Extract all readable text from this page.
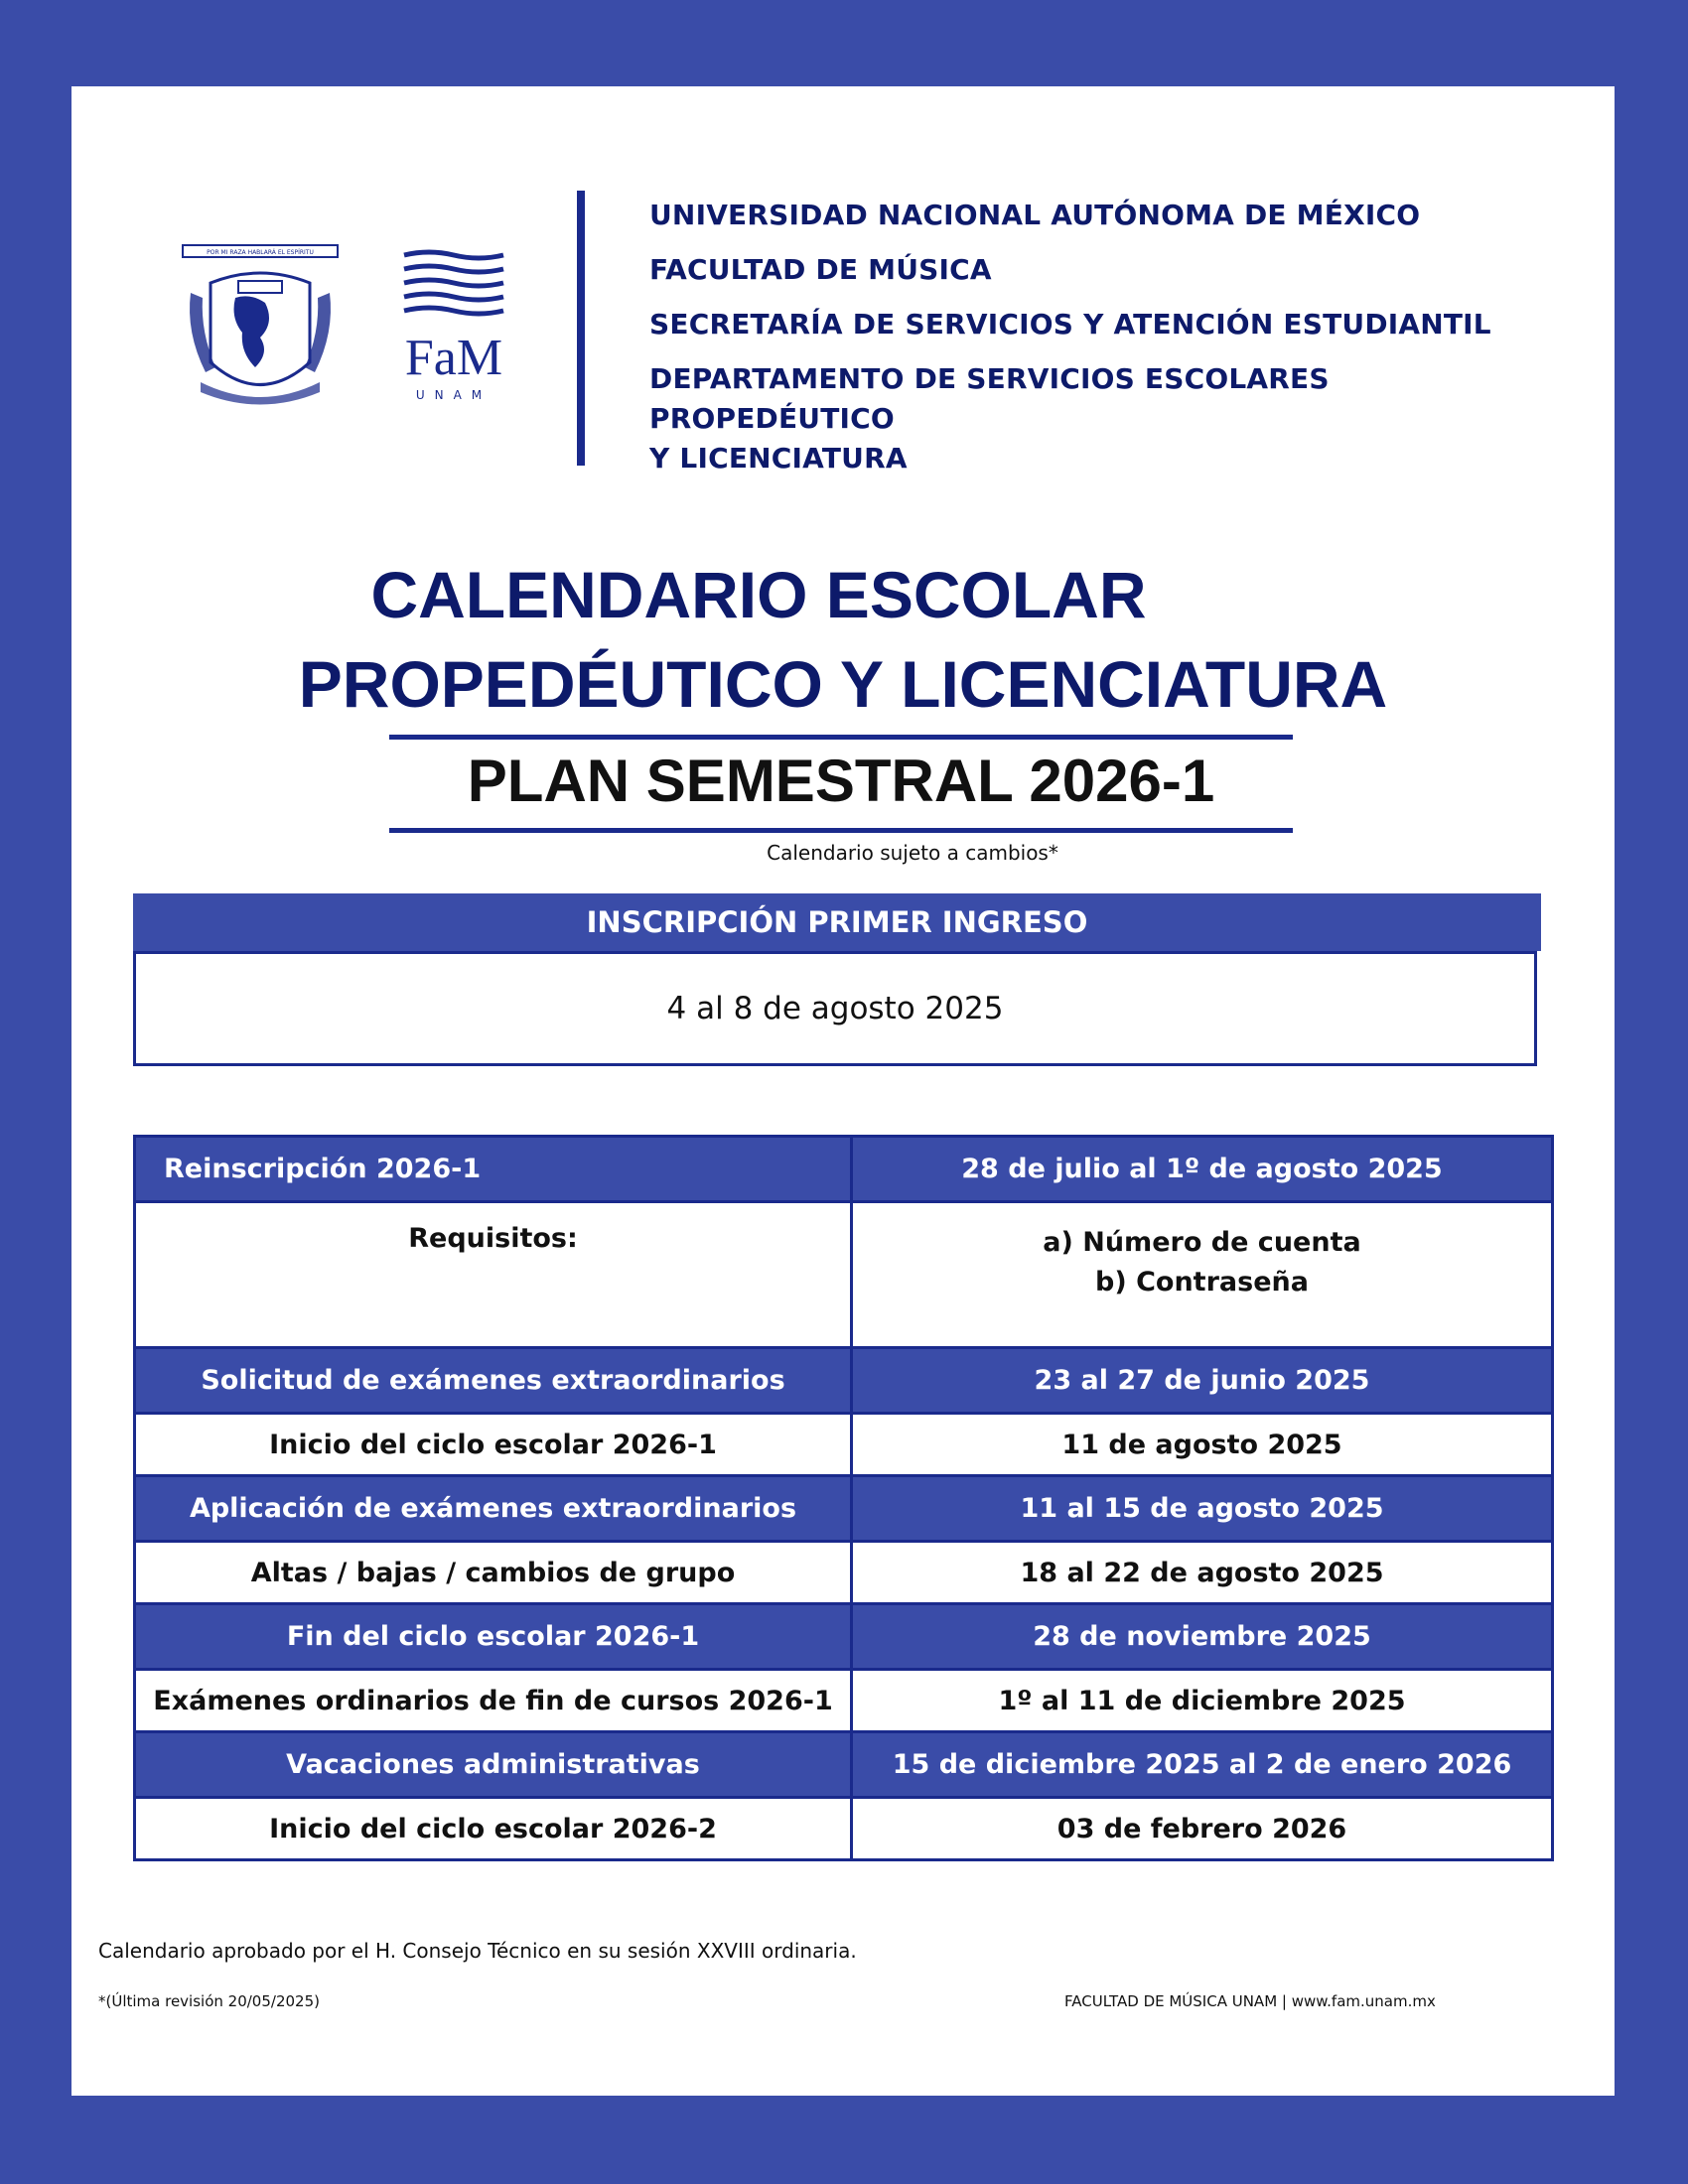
POR MI RAZA HABLARÁ EL ESPÍRITU
FaM
UNAM
UNIVERSIDAD NACIONAL AUTÓNOMA DE MÉXICO
FACULTAD DE MÚSICA
SECRETARÍA DE SERVICIOS Y ATENCIÓN ESTUDIANTIL
DEPARTAMENTO DE SERVICIOS ESCOLARES PROPEDÉUTICO
Y LICENCIATURA
CALENDARIO ESCOLAR
PROPEDÉUTICO Y LICENCIATURA
PLAN SEMESTRAL 2026-1
Calendario sujeto a cambios*
INSCRIPCIÓN PRIMER INGRESO
4 al 8 de agosto 2025
Reinscripción 2026-1	28 de julio al 1º de agosto 2025
Requisitos:	a) Número de cuenta
b) Contraseña

Solicitud de exámenes extraordinarios	23 al 27 de junio 2025
Inicio del ciclo escolar 2026-1	11 de agosto 2025
Aplicación de exámenes extraordinarios	11 al 15 de agosto 2025
Altas / bajas / cambios de grupo	18 al 22 de agosto 2025
Fin del ciclo escolar 2026-1	28 de noviembre 2025
Exámenes ordinarios de fin de cursos 2026-1	1º al 11 de diciembre 2025
Vacaciones administrativas	15 de diciembre 2025 al 2 de enero 2026
Inicio del ciclo escolar 2026-2	03 de febrero 2026
Calendario aprobado por el H. Consejo Técnico en su sesión XXVIII ordinaria.
*(Última revisión 20/05/2025)	FACULTAD DE MÚSICA UNAM | www.fam.unam.mx
